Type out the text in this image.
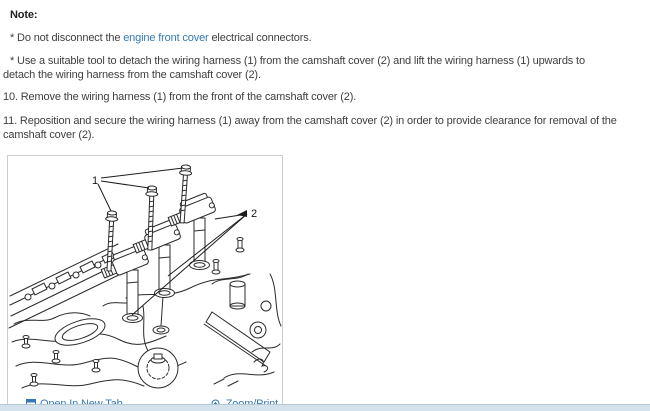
Note:

* Do not disconnect the engine front cover electrical connectors.

* Use a suitable tool to detach the wiring harness (1) from the camshaft cover (2) and lift the wiring harness (1) upwards to detach the wiring harness from the camshaft cover (2).

10. Remove the wiring harness (1) from the front of the camshaft cover (2).

11. Reposition and secure the wiring harness (1) away from the camshaft cover (2) in order to provide clearance for removal of the camshaft cover (2).

1
2
